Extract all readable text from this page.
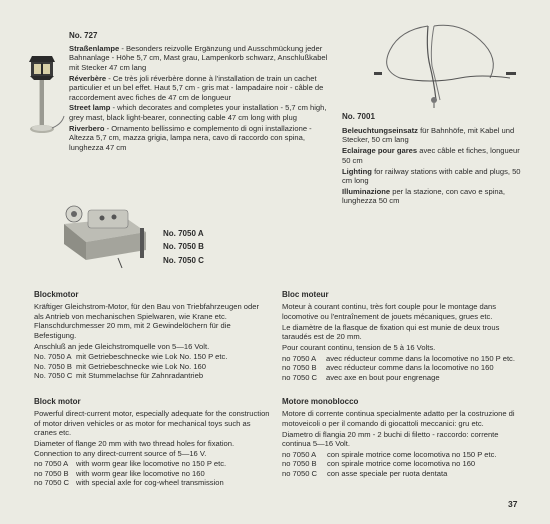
No. 727

Straßenlampe - Besonders reizvolle Ergänzung und Ausschmückung jeder Bahnanlage - Höhe 5,7 cm, Mast grau, Lampenkorb schwarz, Anschlußkabel mit Stecker 47 cm lang

Réverbère - Ce très joli réverbère donne à l'installation de train un cachet particulier et un bel effet. Haut 5,7 cm - gris mat - lampadaire noir - câble de raccordement avec fiches de 47 cm de longueur

Street lamp - which decorates and completes your installation - 5,7 cm high, grey mast, black light-bearer, connecting cable 47 cm long with plug

Riverbero - Ornamento bellissimo e complemento di ogni installazione - Altezza 5,7 cm, mazza grigia, lampa nera, cavo di raccordo con spina, lunghezza 47 cm

No. 7001

Beleuchtungseinsatz für Bahnhöfe, mit Kabel und Stecker, 50 cm lang

Eclairage pour gares avec câble et fiches, longueur 50 cm

Lighting for railway stations with cable and plugs, 50 cm long

Illuminazione per la stazione, con cavo e spina, lunghezza 50 cm

No. 7050 A
No. 7050 B
No. 7050 C
Blockmotor

Kräftiger Gleichstrom-Motor, für den Bau von Triebfahrzeugen oder als Antrieb von mechanischen Spielwaren, wie Krane etc. Flanschdurchmesser 20 mm, mit 2 Gewindelöchern für die Befestigung.

Anschluß an jede Gleichstromquelle von 5—16 Volt.

No. 7050 A mit Getriebeschnecke wie Lok No. 150 P etc.
No. 7050 B mit Getriebeschnecke wie Lok No. 160
No. 7050 C mit Stummelachse für Zahnradantrieb
Block motor

Powerful direct-current motor, especially adequate for the construction of motor driven vehicles or as motor for mechanical toys such as cranes etc.

Diameter of flange 20 mm with two thread holes for fixation. Connection to any direct-current source of 5—16 V.

no 7050 A	with worm gear like locomotive no 150 P etc.
no 7050 B with worm gear like locomotive no 160
no 7050 C with special axle for cog-wheel transmission
Bloc moteur

Moteur à courant continu, très fort couple pour le montage dans locomotive ou l'entraînement de jouets mécaniques, grues etc.

Le diamètre de la flasque de fixation qui est munie de deux trous taraudés est de 20 mm.

Pour courant continu, tension de 5 à 16 Volts.

no 7050 A	avec réducteur comme dans la locomotive no 150 P etc.
no 7050 B	avec réducteur comme dans la locomotive no 160
no 7050 C	avec axe en bout pour engrenage
Motore monoblocco

Motore di corrente continua specialmente adatto per la costruzione di motoveicoli o per il comando di giocattoli meccanici: gru etc.

Diametro di flangia 20 mm - 2 buchi di filetto - raccordo: corrente continua 5—16 Volt.

no 7050 A	con spirale motrice come locomotiva no 150 P etc.
no 7050 B	con spirale motrice come locomotiva no 160
no 7050 C	con asse speciale per ruota dentata
37
